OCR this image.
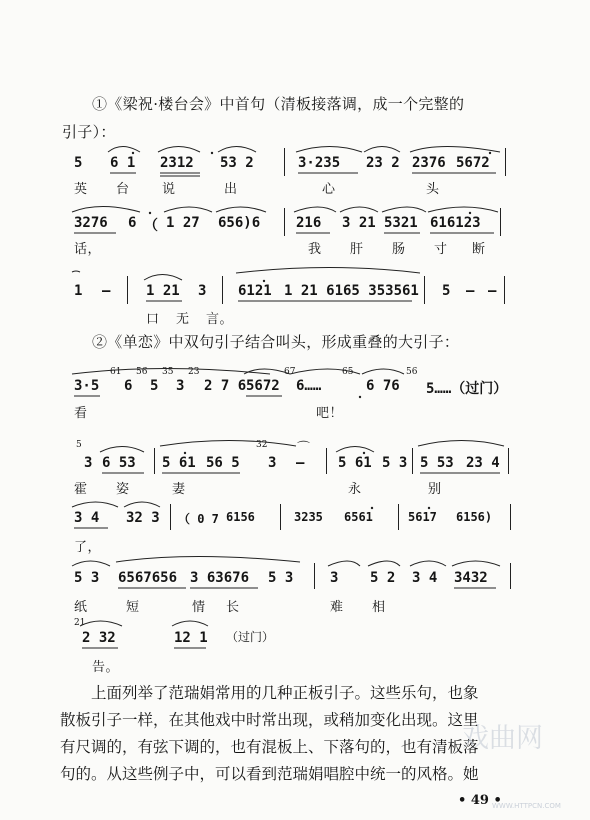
①《梁祝·楼台会》中首句（清板接落调，成一个完整的
引子）：
5 6 1 2312 53 2	3·235 23 2 2376 5672
英 台 说	出	心	头
3276 6 （ 1 27 656)6	216 3 21 5321 616123
话，	我 肝 肠 寸 断
1 –	1 21 3 6121 1 21 6165 353561 5 – –
口 无 言。
②《单恋》中双句引子结合叫头，形成重叠的大引子：
3·5 6 5 3 2 7 6 5672 6……	6 76 5……（过门）
61 56 35 23	67	65	56
看	吧！
5	32
3 6 53 5 61 56 5 3 – 5 61 5 3 5 53 23 4
⌒
霍 姿	妻	永	别
3 4 32 3 （ 0 7 6156	3235 6561	5617 6156)
了，
5 3 6567656 3 63676 5 3	3 5 2 3 4 3432
纸	短	情 长	难 相
21
2 32	12 1 （过门）
告。
上面列举了范瑞娟常用的几种正板引子。这些乐句，也象
散板引子一样，在其他戏中时常出现，或稍加变化出现。这里
有尺调的，有弦下调的，也有混板上、下落句的，也有清板落
句的。从这些例子中，可以看到范瑞娟唱腔中统一的风格。她
• 49 •
戏曲网
WWW.HTTPCN.COM
